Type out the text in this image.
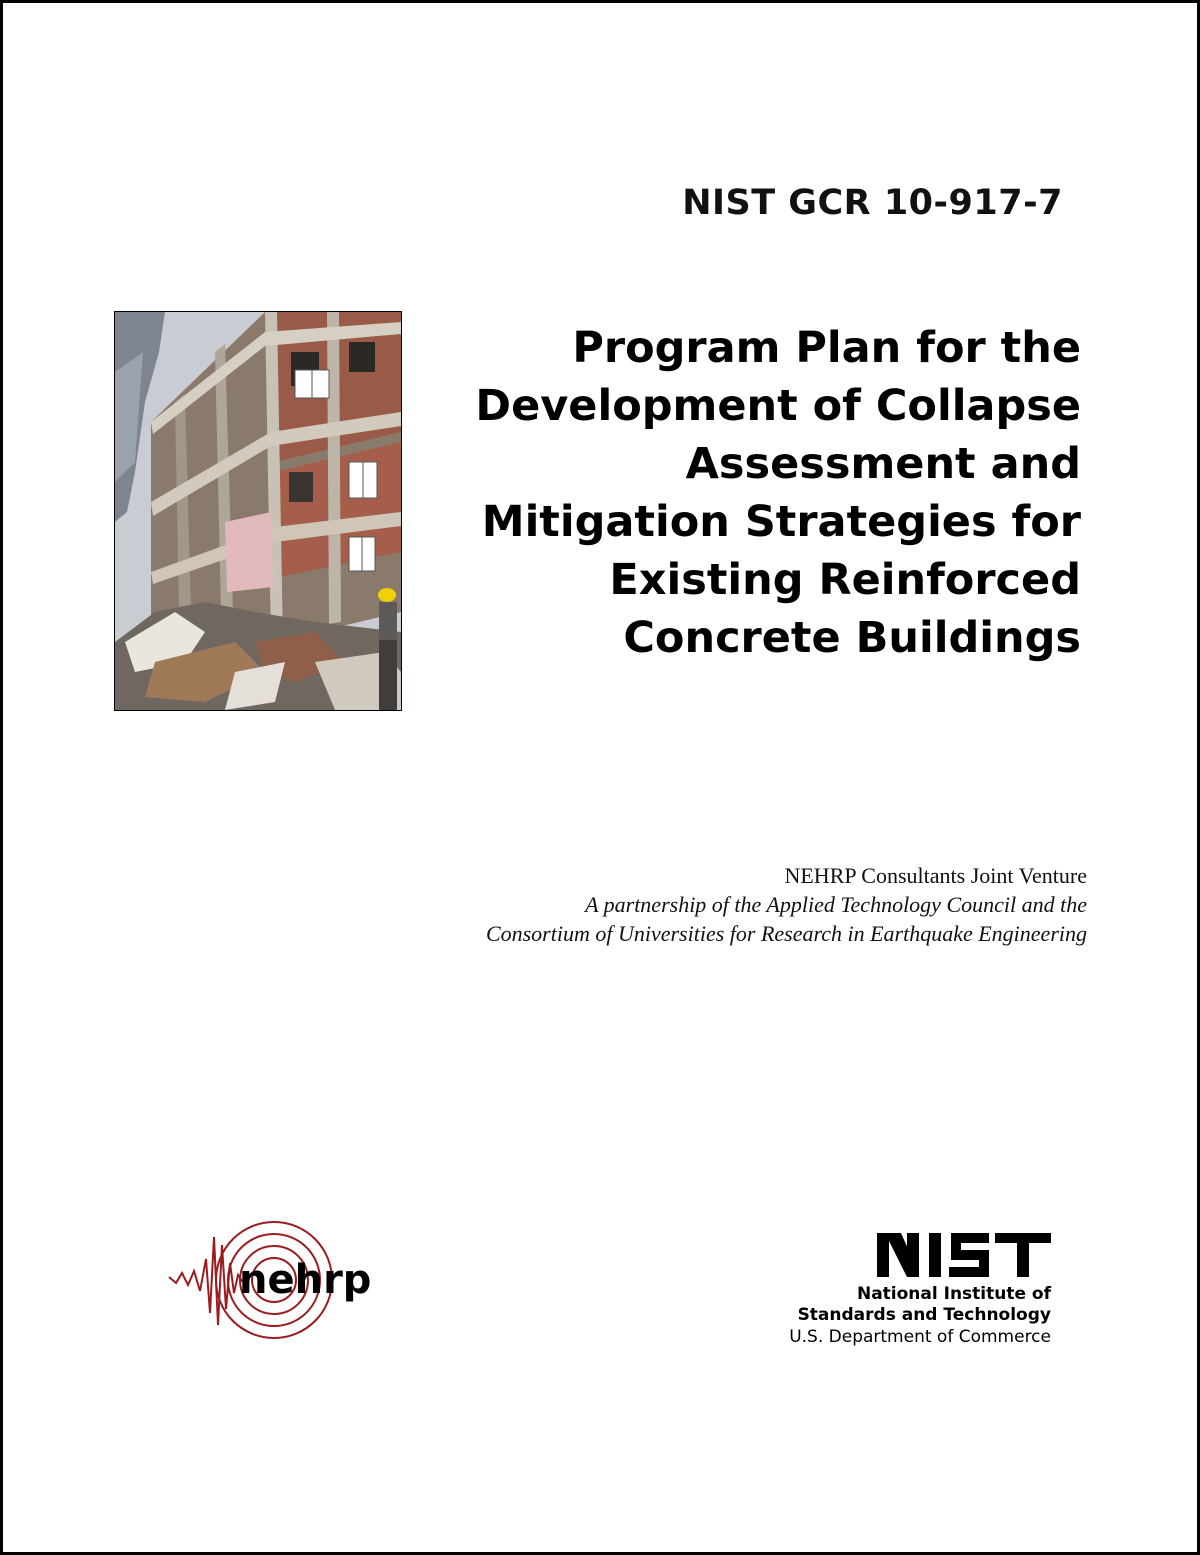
NIST GCR 10-917-7
Program Plan for the
Development of Collapse
Assessment and
Mitigation Strategies for
Existing Reinforced
Concrete Buildings
NEHRP Consultants Joint Venture
A partnership of the Applied Technology Council and the
Consortium of Universities for Research in Earthquake Engineering
nehrp	National Institute of
Standards and Technology
U.S. Department of Commerce
